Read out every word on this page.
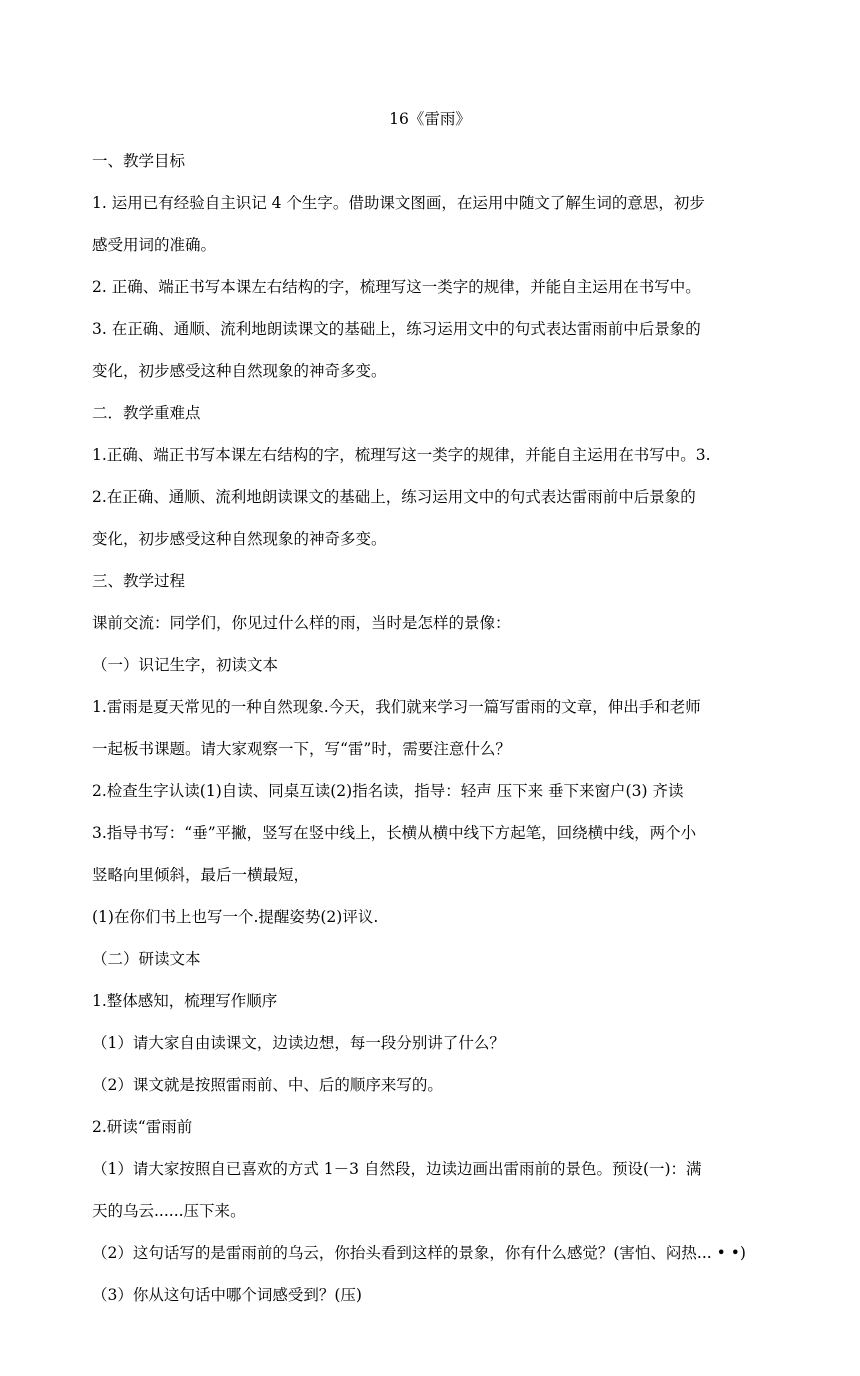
16《雷雨》
一、教学目标
1. 运用已有经验自主识记 4 个生字。借助课文图画，在运用中随文了解生词的意思，初步
感受用词的准确。
2. 正确、端正书写本课左右结构的字，梳理写这一类字的规律，并能自主运用在书写中。
3. 在正确、通顺、流利地朗读课文的基础上，练习运用文中的句式表达雷雨前中后景象的
变化，初步感受这种自然现象的神奇多变。
二．教学重难点
1.正确、端正书写本课左右结构的字，梳理写这一类字的规律，并能自主运用在书写中。3.
2.在正确、通顺、流利地朗读课文的基础上，练习运用文中的句式表达雷雨前中后景象的
变化，初步感受这种自然现象的神奇多变。
三、教学过程
课前交流：同学们，你见过什么样的雨，当时是怎样的景像：
（一）识记生字，初读文本
1.雷雨是夏天常见的一种自然现象.今天，我们就来学习一篇写雷雨的文章，伸出手和老师
一起板书课题。请大家观察一下，写“雷”时，需要注意什么？
2.检查生字认读(1)自读、同桌互读(2)指名读，指导：轻声 压下来 垂下来窗户(3) 齐读
3.指导书写：“垂”平撇，竖写在竖中线上，长横从横中线下方起笔，回绕横中线，两个小
竖略向里倾斜，最后一横最短，
(1)在你们书上也写一个.提醒姿势(2)评议.
（二）研读文本
1.整体感知，梳理写作顺序
（1）请大家自由读课文，边读边想，每一段分别讲了什么？
（2）课文就是按照雷雨前、中、后的顺序来写的。
2.研读“雷雨前
（1）请大家按照自已喜欢的方式 1－3 自然段，边读边画出雷雨前的景色。预设(一)：满
天的乌云......压下来。
（2）这句话写的是雷雨前的乌云，你抬头看到这样的景象，你有什么感觉？(害怕、闷热... • •)
（3）你从这句话中哪个词感受到？(压)
